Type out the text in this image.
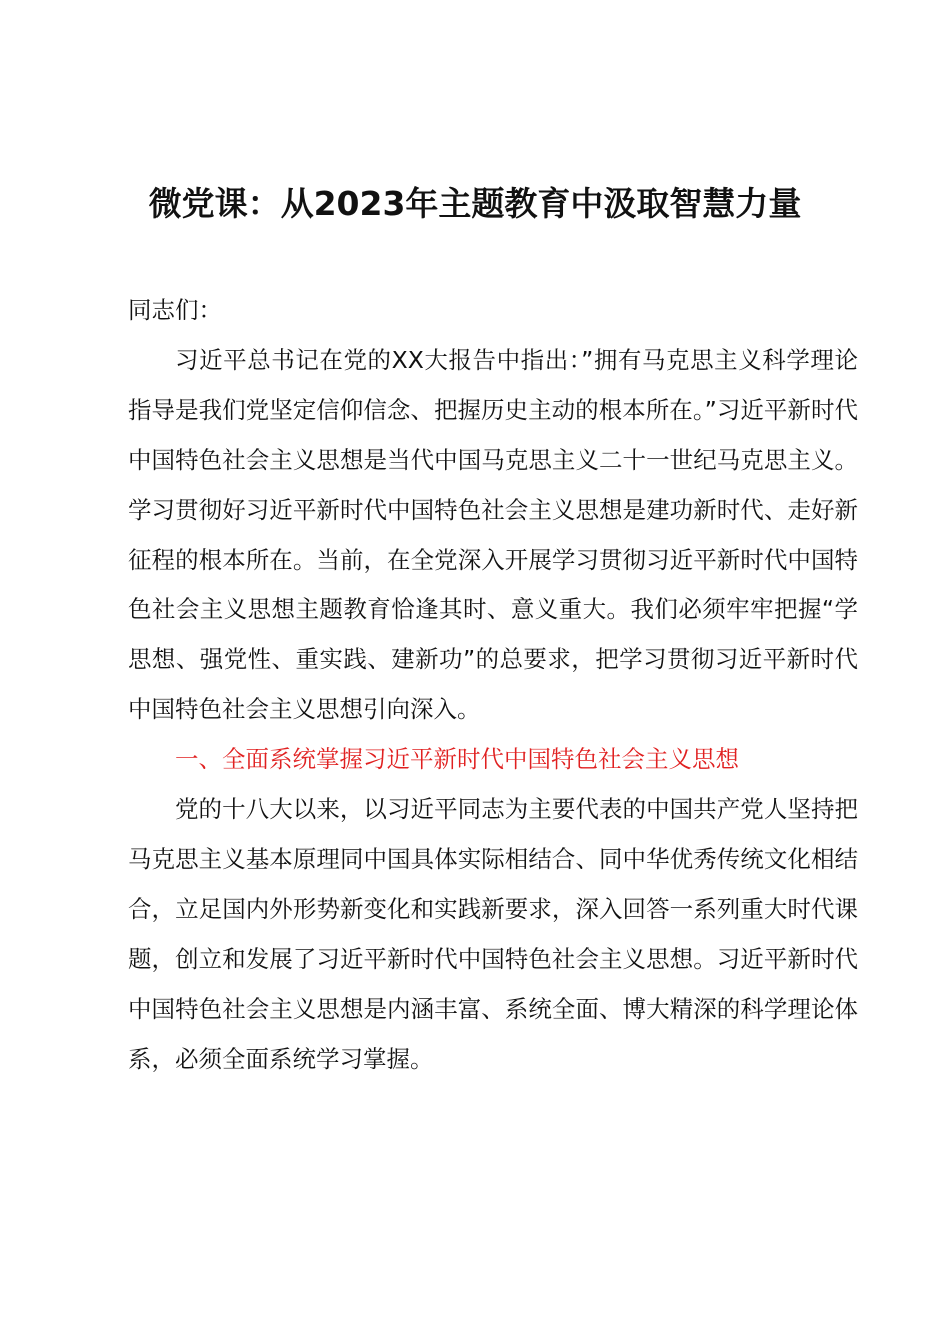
微党课：从2023年主题教育中汲取智慧力量

同志们：

习近平总书记在党的XX大报告中指出：”拥有马克思主义科学理论指导是我们党坚定信仰信念、把握历史主动的根本所在。”习近平新时代中国特色社会主义思想是当代中国马克思主义二十一世纪马克思主义。学习贯彻好习近平新时代中国特色社会主义思想是建功新时代、走好新征程的根本所在。当前，在全党深入开展学习贯彻习近平新时代中国特色社会主义思想主题教育恰逢其时、意义重大。我们必须牢牢把握“学思想、强党性、重实践、建新功”的总要求，把学习贯彻习近平新时代中国特色社会主义思想引向深入。

一、全面系统掌握习近平新时代中国特色社会主义思想

党的十八大以来，以习近平同志为主要代表的中国共产党人坚持把马克思主义基本原理同中国具体实际相结合、同中华优秀传统文化相结合，立足国内外形势新变化和实践新要求，深入回答一系列重大时代课题，创立和发展了习近平新时代中国特色社会主义思想。习近平新时代中国特色社会主义思想是内涵丰富、系统全面、博大精深的科学理论体系，必须全面系统学习掌握。
